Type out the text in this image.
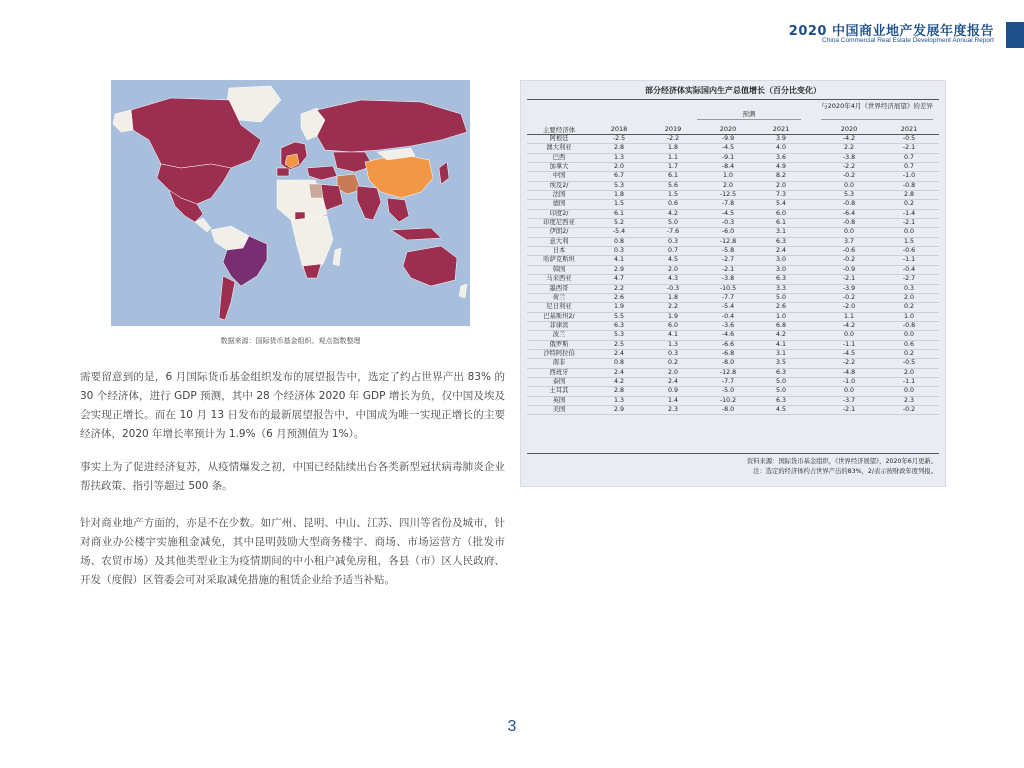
2020 中国商业地产发展年度报告
China Commercial Real Estate Development Annual Report
数据来源：国际货币基金组织、观点指数整理

需要留意到的是，6 月国际货币基金组织发布的展望报告中，选定了约占世界产出 83% 的 30 个经济体，进行 GDP 预测，其中 28 个经济体 2020 年 GDP 增长为负，仅中国及埃及会实现正增长。而在 10 月 13 日发布的最新展望报告中，中国成为唯一实现正增长的主要经济体，2020 年增长率预计为 1.9%（6 月预测值为 1%）。

事实上为了促进经济复苏，从疫情爆发之初，中国已经陆续出台各类新型冠状病毒肺炎企业帮扶政策、指引等超过 500 条。

针对商业地产方面的，亦是不在少数。如广州、昆明、中山、江苏、四川等省份及城市，针对商业办公楼宇实施租金减免，其中昆明鼓励大型商务楼宇、商场、市场运营方（批发市场、农贸市场）及其他类型业主为疫情期间的中小租户减免房租，各县（市）区人民政府、开发（度假）区管委会可对采取减免措施的租赁企业给予适当补贴。

部分经济体实际国内生产总值增长（百分比变化）
预测
与2020年4月《世界经济展望》的差异
主要经济体	2018	2019	2020	2021	2020	2021
阿根廷	-2.5	-2.2	-9.9	3.9	-4.2	-0.5
澳大利亚	2.8	1.8	-4.5	4.0	2.2	-2.1
巴西	1.3	1.1	-9.1	3.6	-3.8	0.7
加拿大	2.0	1.7	-8.4	4.9	-2.2	0.7
中国	6.7	6.1	1.0	8.2	-0.2	-1.0
埃及2/	5.3	5.6	2.0	2.0	0.0	-0.8
法国	1.8	1.5	-12.5	7.3	5.3	2.8
德国	1.5	0.6	-7.8	5.4	-0.8	0.2
印度2/	6.1	4.2	-4.5	6.0	-6.4	-1.4
印度尼西亚	5.2	5.0	-0.3	6.1	-0.8	-2.1
伊朗2/	-5.4	-7.6	-6.0	3.1	0.0	0.0
意大利	0.8	0.3	-12.8	6.3	3.7	1.5
日本	0.3	0.7	-5.8	2.4	-0.6	-0.6
哈萨克斯坦	4.1	4.5	-2.7	3.0	-0.2	-1.1
韩国	2.9	2.0	-2.1	3.0	-0.9	-0.4
马来西亚	4.7	4.3	-3.8	6.3	-2.1	-2.7
墨西哥	2.2	-0.3	-10.5	3.3	-3.9	0.3
荷兰	2.6	1.8	-7.7	5.0	-0.2	2.0
尼日利亚	1.9	2.2	-5.4	2.6	-2.0	0.2
巴基斯坦2/	5.5	1.9	-0.4	1.0	1.1	1.0
菲律宾	6.3	6.0	-3.6	6.8	-4.2	-0.8
波兰	5.3	4.1	-4.6	4.2	0.0	0.0
俄罗斯	2.5	1.3	-6.6	4.1	-1.1	0.6
沙特阿拉伯	2.4	0.3	-6.8	3.1	-4.5	0.2
南非	0.8	0.2	-8.0	3.5	-2.2	-0.5
西班牙	2.4	2.0	-12.8	6.3	-4.8	2.0
泰国	4.2	2.4	-7.7	5.0	-1.0	-1.1
土耳其	2.8	0.9	-5.0	5.0	0.0	0.0
英国	1.3	1.4	-10.2	6.3	-3.7	2.3
美国	2.9	2.3	-8.0	4.5	-2.1	-0.2
资料来源：国际货币基金组织，《世界经济展望》，2020年6月更新。
注：选定的经济体约占世界产出的83%，2/表示按财政年度列报。
3
